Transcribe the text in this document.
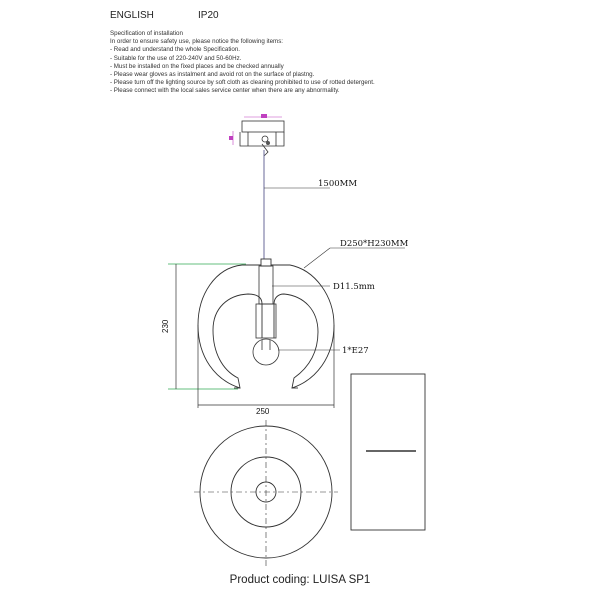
ENGLISH	IP20
Specification of installation
In order to ensure safety use, please notice the following items:
- Read and understand the whole Specification.
- Suitable for the use of 220-240V and 50-60Hz.
- Must be installed on the fixed places and be checked annually
- Please wear gloves as instalment and avoid rot on the surface of plastng.
- Please turn off the lighting source by soft cloth as cleaning prohibited to use of rotted detergent.
- Please connect with the local sales service center when there are any abnormality.
1500MM
D250*H230MM
D11.5mm
1*E27
230
250
Product coding: LUISA SP1
